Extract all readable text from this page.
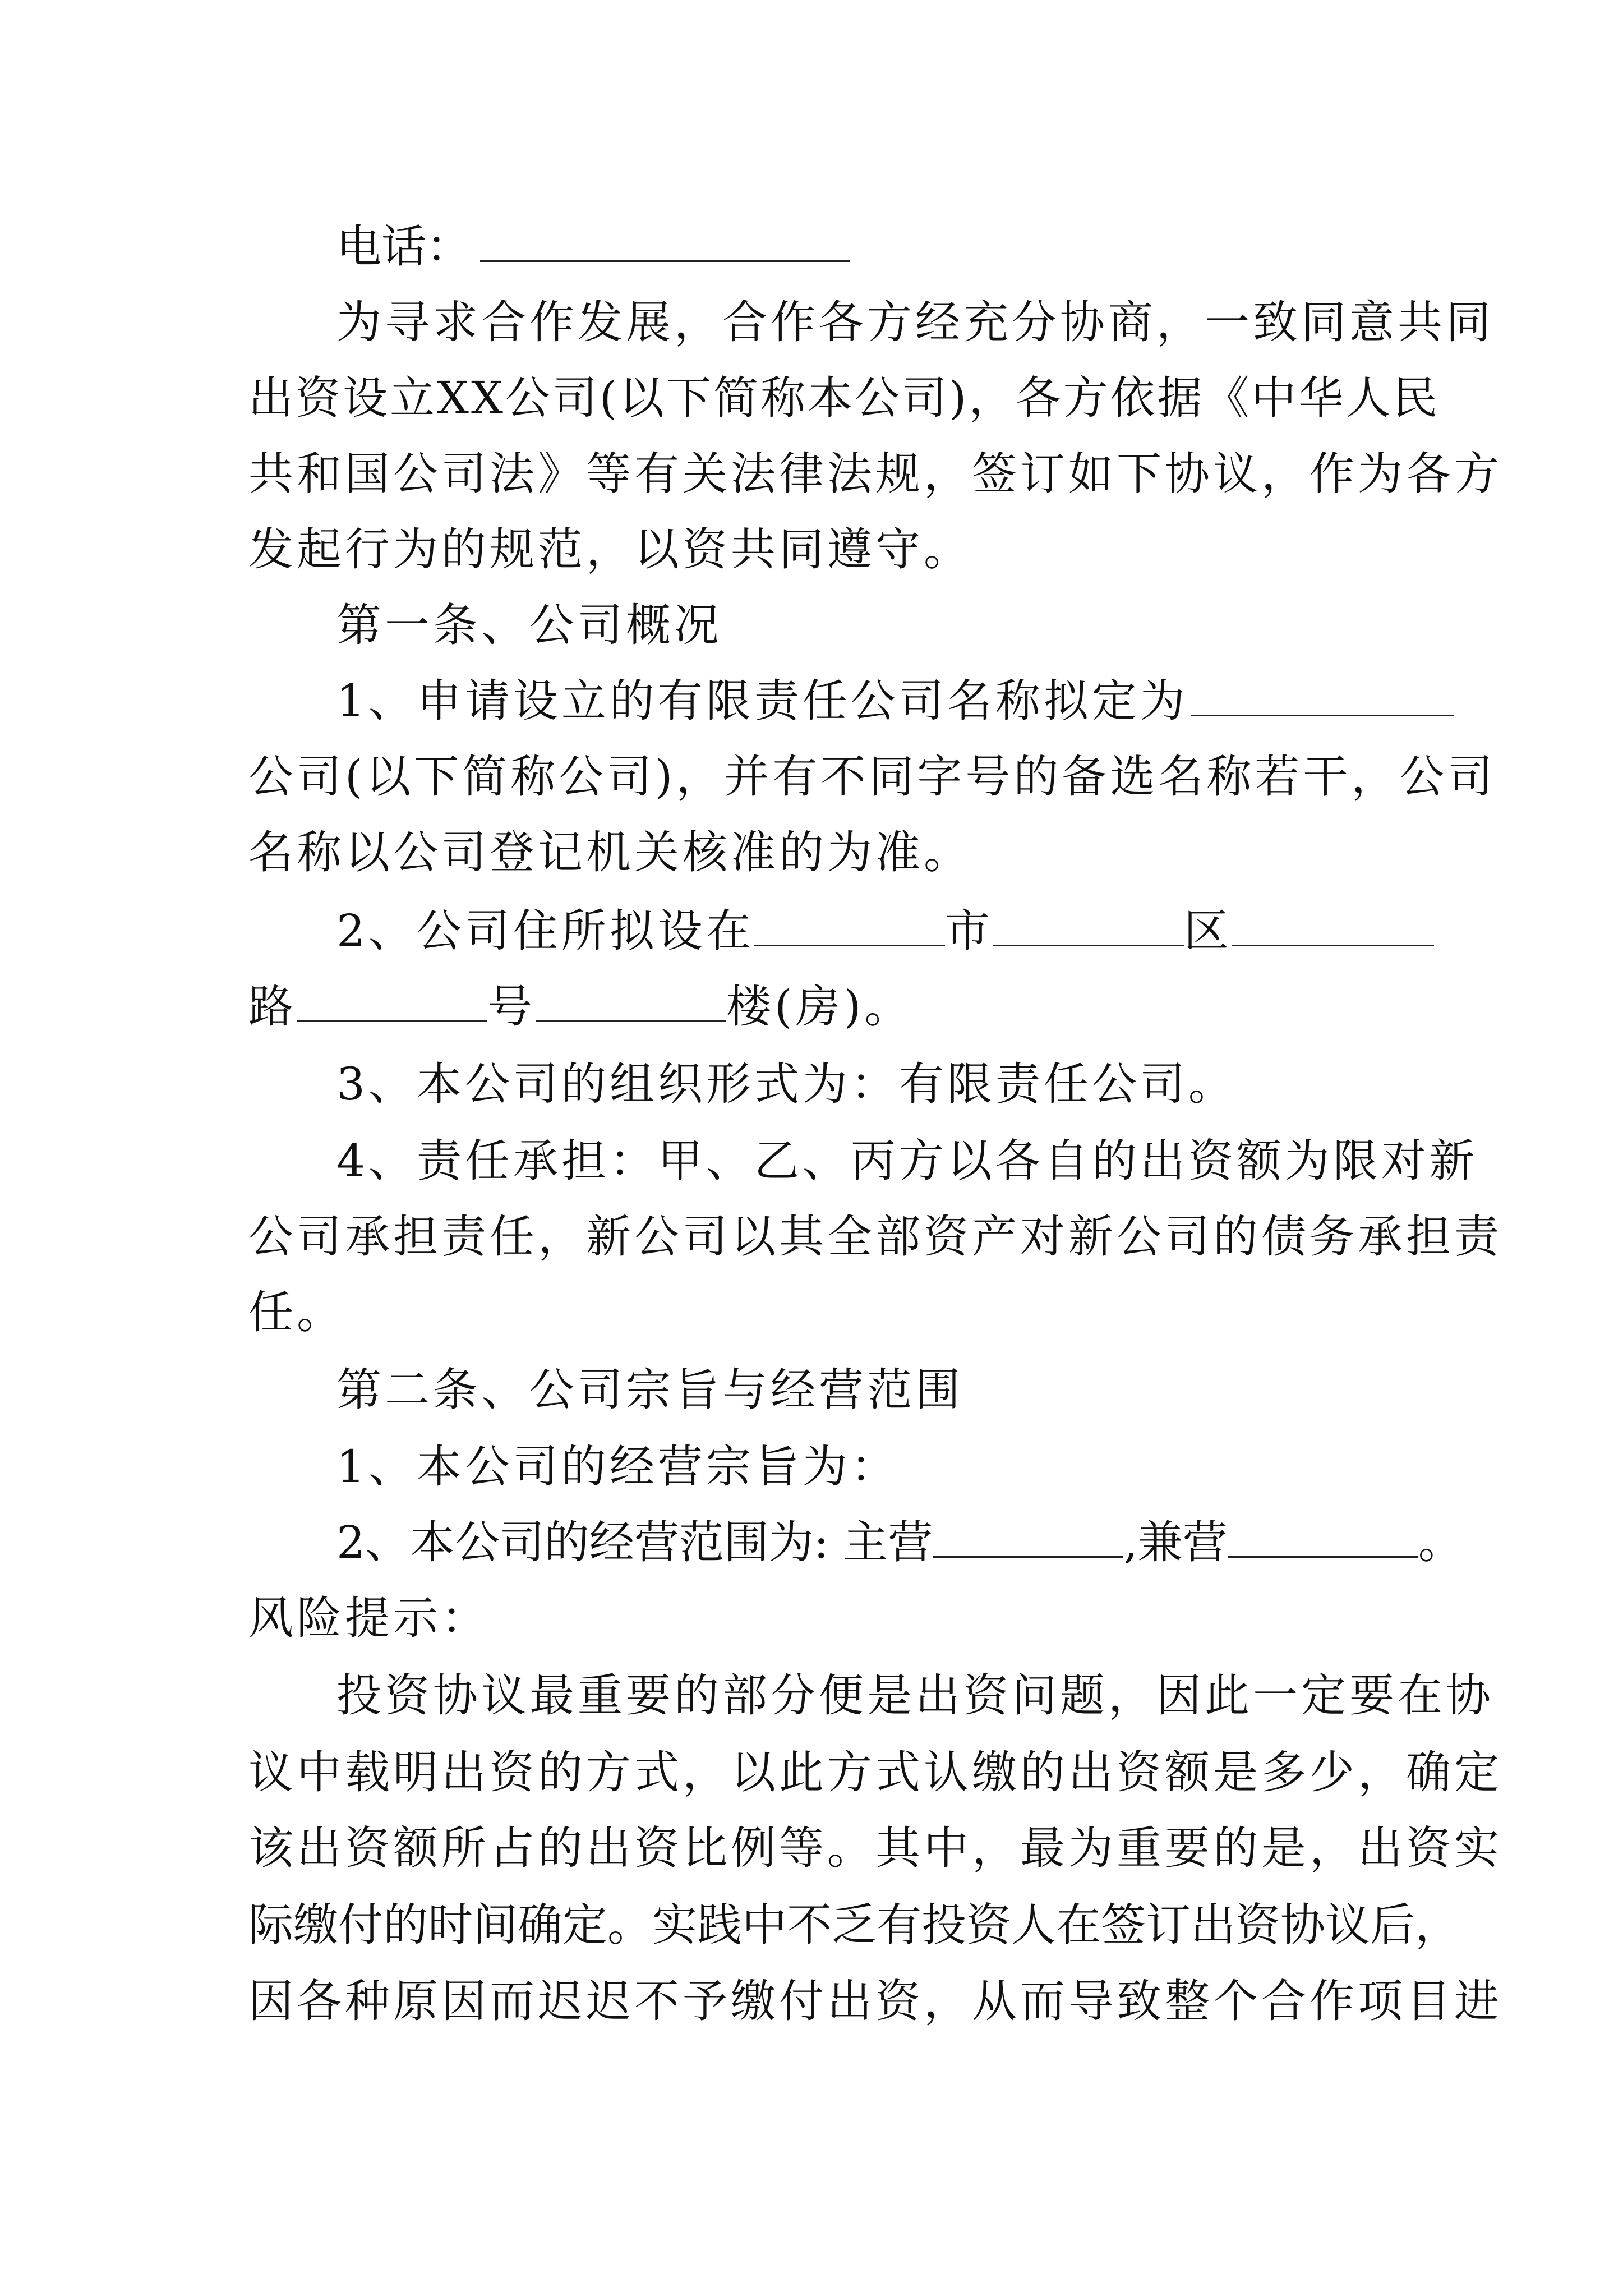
电话：
为寻求合作发展，合作各方经充分协商，一致同意共同
出资设立XX公司(以下简称本公司)，各方依据《中华人民
共和国公司法》等有关法律法规，签订如下协议，作为各方
发起行为的规范，以资共同遵守。
第一条、公司概况
1、申请设立的有限责任公司名称拟定为
公司(以下简称公司)，并有不同字号的备选名称若干，公司
名称以公司登记机关核准的为准。
2、公司住所拟设在	市	区
路	号	楼(房)。
3、本公司的组织形式为：有限责任公司。
4、责任承担：甲、乙、丙方以各自的出资额为限对新
公司承担责任，新公司以其全部资产对新公司的债务承担责
任。
第二条、公司宗旨与经营范围
1、本公司的经营宗旨为：
2、本公司的经营范围为: 主营	,兼营	。
风险提示：
投资协议最重要的部分便是出资问题，因此一定要在协
议中载明出资的方式，以此方式认缴的出资额是多少，确定
该出资额所占的出资比例等。其中，最为重要的是，出资实
际缴付的时间确定。实践中不乏有投资人在签订出资协议后，
因各种原因而迟迟不予缴付出资，从而导致整个合作项目进
